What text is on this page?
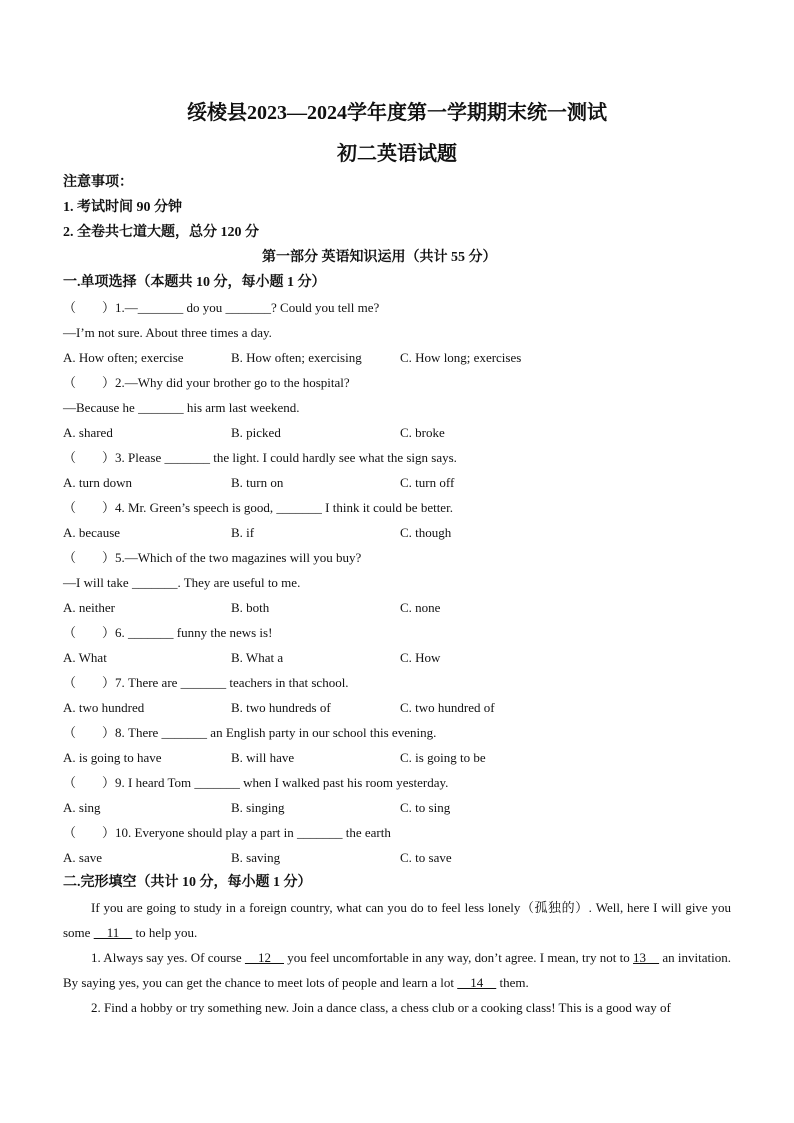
绥棱县2023—2024学年度第一学期期末统一测试
初二英语试题
注意事项：
1. 考试时间 90 分钟
2. 全卷共七道大题，总分 120 分
第一部分 英语知识运用（共计 55 分）
一.单项选择（本题共 10 分，每小题 1 分）
（　　）1.—_______ do you _______? Could you tell me?
—I’m not sure. About three times a day.
A. How often; exercise	B. How often; exercising	C. How long; exercises
（　　）2.—Why did your brother go to the hospital?
—Because he _______ his arm last weekend.
A. shared	B. picked	C. broke
（　　）3. Please _______ the light. I could hardly see what the sign says.
A. turn down	B. turn on	C. turn off
（　　）4. Mr. Green’s speech is good, _______ I think it could be better.
A. because	B. if	C. though
（　　）5.—Which of the two magazines will you buy?
—I will take _______. They are useful to me.
A. neither	B. both	C. none
（　　）6. _______ funny the news is!
A. What	B. What a	C. How
（　　）7. There are _______ teachers in that school.
A. two hundred	B. two hundreds of	C. two hundred of
（　　）8. There _______ an English party in our school this evening.
A. is going to have	B. will have	C. is going to be
（　　）9. I heard Tom _______ when I walked past his room yesterday.
A. sing	B. singing	C. to sing
（　　）10. Everyone should play a part in _______ the earth
A. save	B. saving	C. to save
二.完形填空（共计 10 分，每小题 1 分）
If you are going to study in a foreign country, what can you do to feel less lonely（孤独的）. Well, here I will give you some 　11　 to help you.
1. Always say yes. Of course 　12　 you feel uncomfortable in any way, don’t agree. I mean, try not to 13　 an invitation. By saying yes, you can get the chance to meet lots of people and learn a lot 　14　 them.
2. Find a hobby or try something new. Join a dance class, a chess club or a cooking class! This is a good way of
